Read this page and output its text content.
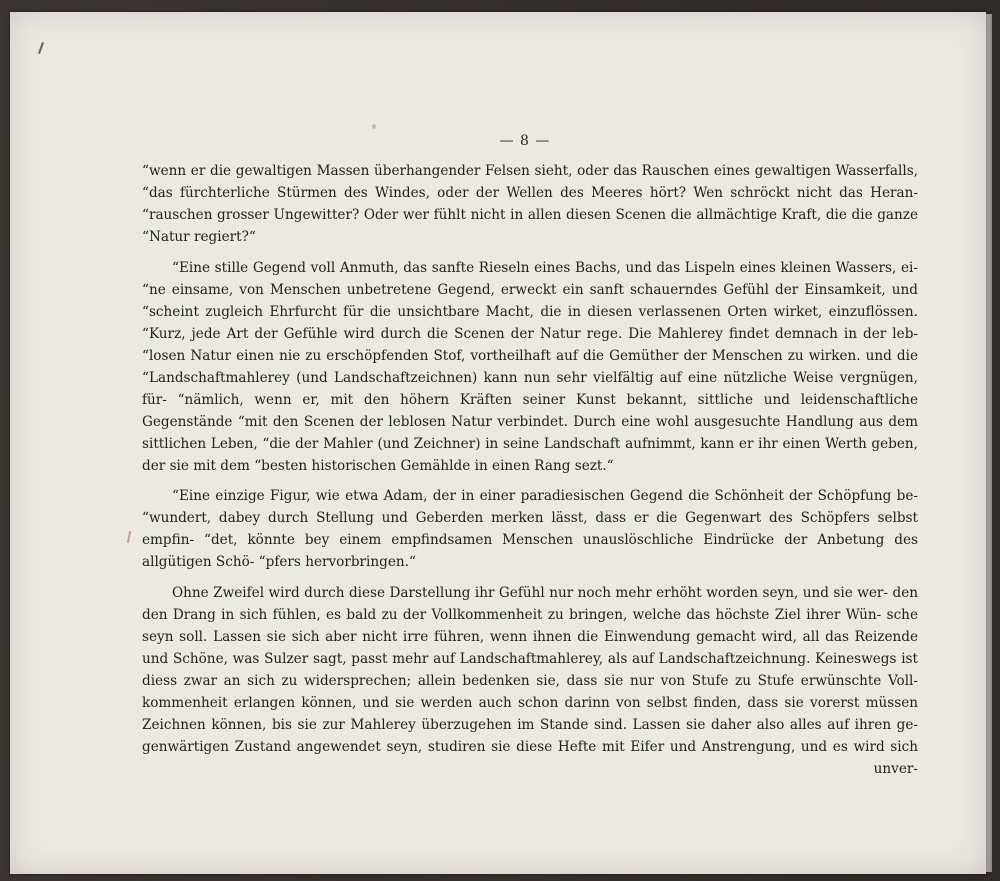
— 8 —

“wenn er die gewaltigen Massen überhangender Felsen sieht, oder das Rauschen eines gewaltigen Wasserfalls, “das fürchterliche Stürmen des Windes, oder der Wellen des Meeres hört? Wen schröckt nicht das Heran- “rauschen grosser Ungewitter? Oder wer fühlt nicht in allen diesen Scenen die allmächtige Kraft, die die ganze “Natur regiert?“

“Eine stille Gegend voll Anmuth, das sanfte Rieseln eines Bachs, und das Lispeln eines kleinen Wassers, ei- “ne einsame, von Menschen unbetretene Gegend, erweckt ein sanft schauerndes Gefühl der Einsamkeit, und “scheint zugleich Ehrfurcht für die unsichtbare Macht, die in diesen verlassenen Orten wirket, einzuflössen. “Kurz, jede Art der Gefühle wird durch die Scenen der Natur rege. Die Mahlerey findet demnach in der leb- “losen Natur einen nie zu erschöpfenden Stof, vortheilhaft auf die Gemüther der Menschen zu wirken. und die “Landschaftmahlerey (und Landschaftzeichnen) kann nun sehr vielfältig auf eine nützliche Weise vergnügen, für- “nämlich, wenn er, mit den höhern Kräften seiner Kunst bekannt, sittliche und leidenschaftliche Gegenstände “mit den Scenen der leblosen Natur verbindet. Durch eine wohl ausgesuchte Handlung aus dem sittlichen Leben, “die der Mahler (und Zeichner) in seine Landschaft aufnimmt, kann er ihr einen Werth geben, der sie mit dem “besten historischen Gemählde in einen Rang sezt.“

“Eine einzige Figur, wie etwa Adam, der in einer paradiesischen Gegend die Schönheit der Schöpfung be- “wundert, dabey durch Stellung und Geberden merken lässt, dass er die Gegenwart des Schöpfers selbst empfin- “det, könnte bey einem empfindsamen Menschen unauslöschliche Eindrücke der Anbetung des allgütigen Schö- “pfers hervorbringen.“

Ohne Zweifel wird durch diese Darstellung ihr Gefühl nur noch mehr erhöht worden seyn, und sie wer- den den Drang in sich fühlen, es bald zu der Vollkommenheit zu bringen, welche das höchste Ziel ihrer Wün- sche seyn soll. Lassen sie sich aber nicht irre führen, wenn ihnen die Einwendung gemacht wird, all das Reizende und Schöne, was Sulzer sagt, passt mehr auf Landschaftmahlerey, als auf Landschaftzeichnung. Keineswegs ist diess zwar an sich zu widersprechen; allein bedenken sie, dass sie nur von Stufe zu Stufe erwünschte Voll- kommenheit erlangen können, und sie werden auch schon darinn von selbst finden, dass sie vorerst müssen Zeichnen können, bis sie zur Mahlerey überzugehen im Stande sind. Lassen sie daher also alles auf ihren ge- genwärtigen Zustand angewendet seyn, studiren sie diese Hefte mit Eifer und Anstrengung, und es wird sich unver-
